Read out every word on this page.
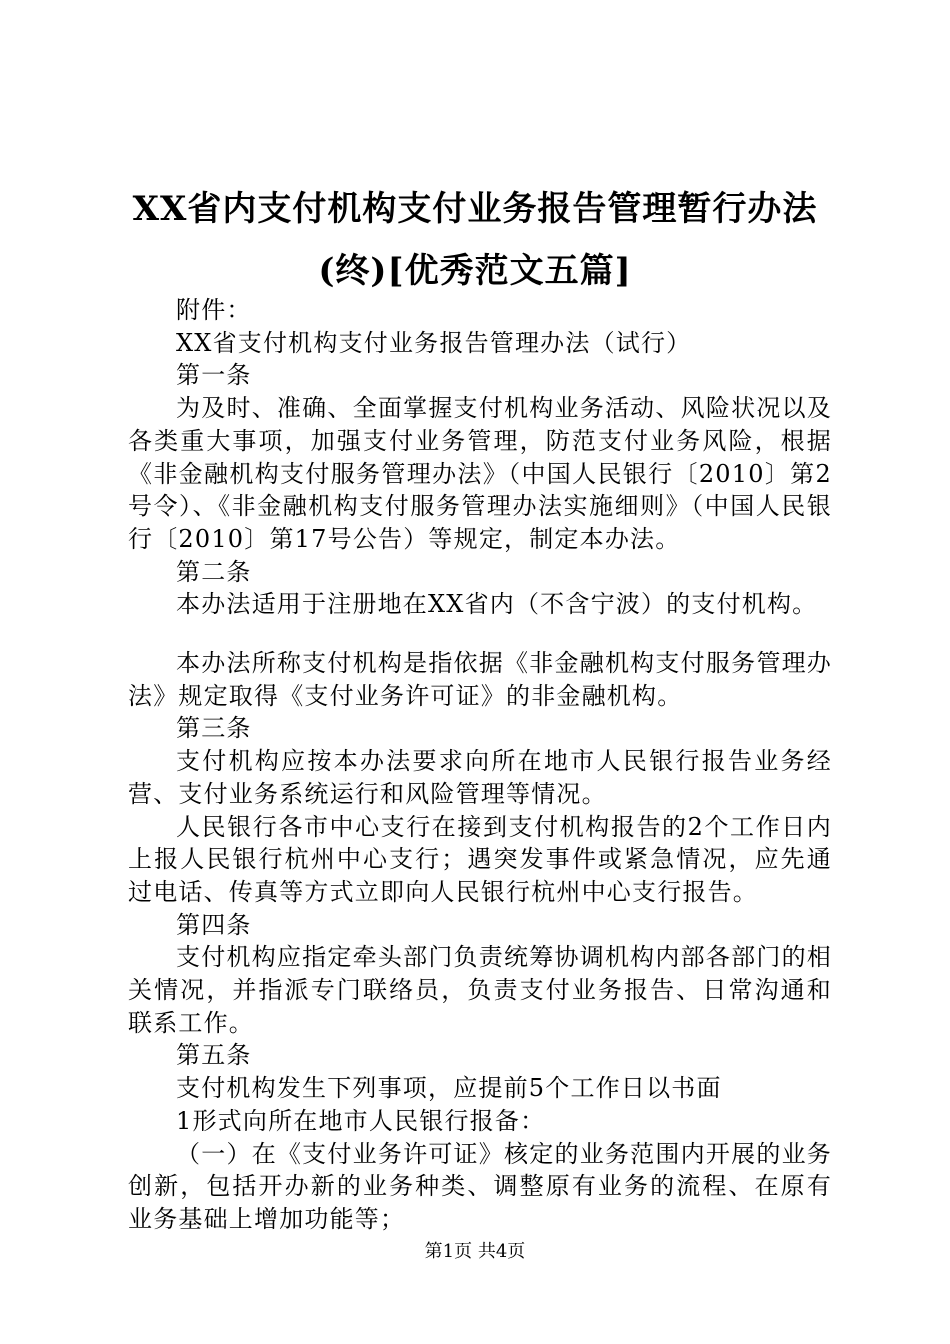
XX省内支付机构支付业务报告管理暂行办法
(终)[优秀范文五篇]

附件：

XX省支付机构支付业务报告管理办法（试行）

第一条

为及时、准确、全面掌握支付机构业务活动、风险状况以及各类重大事项，加强支付业务管理，防范支付业务风险，根据《非金融机构支付服务管理办法》（中国人民银行〔2010〕第2号令）、《非金融机构支付服务管理办法实施细则》（中国人民银行〔2010〕第17号公告）等规定，制定本办法。

第二条

本办法适用于注册地在XX省内（不含宁波）的支付机构。

本办法所称支付机构是指依据《非金融机构支付服务管理办法》规定取得《支付业务许可证》的非金融机构。

第三条

支付机构应按本办法要求向所在地市人民银行报告业务经营、支付业务系统运行和风险管理等情况。

人民银行各市中心支行在接到支付机构报告的2个工作日内上报人民银行杭州中心支行；遇突发事件或紧急情况，应先通过电话、传真等方式立即向人民银行杭州中心支行报告。

第四条

支付机构应指定牵头部门负责统筹协调机构内部各部门的相关情况，并指派专门联络员，负责支付业务报告、日常沟通和联系工作。

第五条

支付机构发生下列事项，应提前5个工作日以书面

1形式向所在地市人民银行报备：

（一）在《支付业务许可证》核定的业务范围内开展的业务创新，包括开办新的业务种类、调整原有业务的流程、在原有业务基础上增加功能等；

第1页 共4页
